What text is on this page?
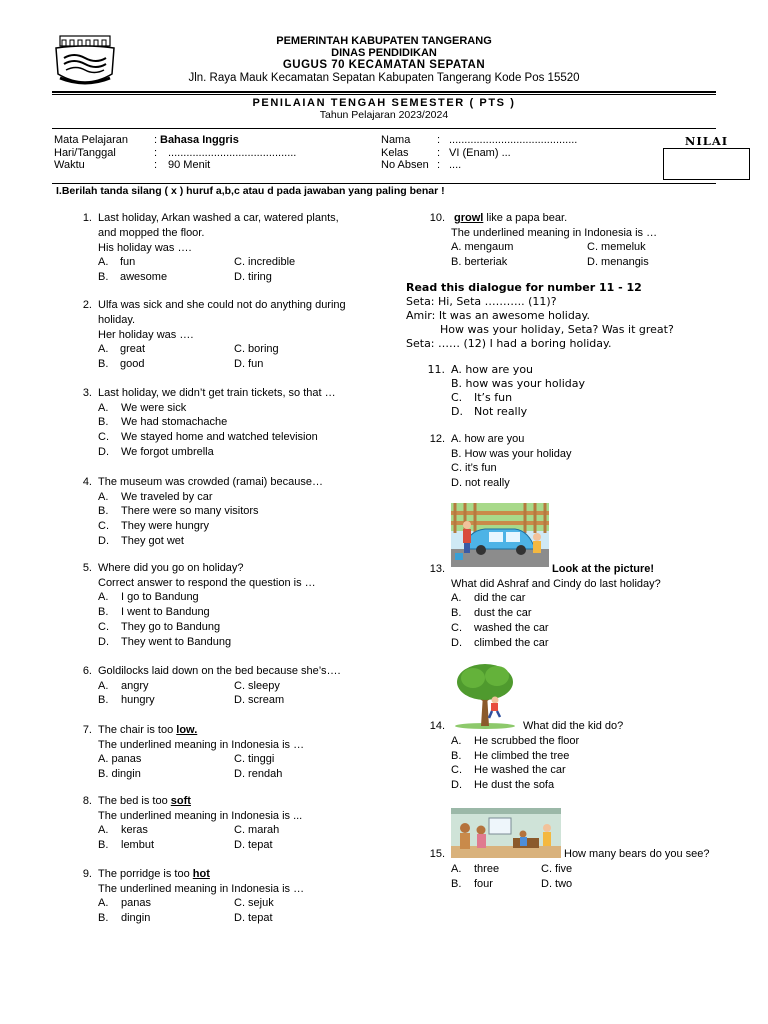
PEMERINTAH KABUPATEN TANGERANG
DINAS PENDIDIKAN
GUGUS 70 KECAMATAN SEPATAN
Jln. Raya Mauk Kecamatan Sepatan Kabupaten Tangerang Kode Pos 15520
PENILAIAN TENGAH SEMESTER ( PTS )
Tahun Pelajaran 2023/2024
Mata Pelajaran	:	Bahasa Inggris
Hari/Tanggal	:	..........................................
Waktu	:	90 Menit
Nama	:	..........................................
Kelas	:	VI (Enam) ...
No Absen	:	....
NILAI
I.Berilah tanda silang ( x ) huruf a,b,c atau d pada jawaban yang paling benar !
1. Last holiday, Arkan washed a car, watered plants,
and mopped the floor.
His holiday was ….
A. fun	C. incredible
B. awesome	D. tiring
2. Ulfa was sick and she could not do anything during
holiday.
Her holiday was ….
A. great	C. boring
B. good	D. fun
3. Last holiday, we didn’t get train tickets, so that …
A. We were sick
B. We had stomachache
C. We stayed home and watched television
D. We forgot umbrella
4. The museum was crowded (ramai) because…
A. We traveled by car
B. There were so many visitors
C. They were hungry
D. They got wet
5. Where did you go on holiday?
Correct answer to respond the question is …
A. I go to Bandung
B. I went to Bandung
C. They go to Bandung
D. They went to Bandung
6. Goldilocks laid down on the bed because she’s….
A. angry	C. sleepy
B. hungry	D. scream
7. The chair is too low.
The underlined meaning in Indonesia is …
A. panas	C. tinggi
B. dingin	D. rendah
8. The bed is too soft
The underlined meaning in Indonesia is ...
A. keras	C. marah
B. lembut	D. tepat
9. The porridge is too hot
The underlined meaning in Indonesia is …
A. panas	C. sejuk
B. dingin	D. tepat
10. growl like a papa bear.
The underlined meaning in Indonesia is …
A. mengaum	C. memeluk
B. berteriak	D. menangis
Read this dialogue for number 11 - 12
Seta: Hi, Seta ……….. (11)?
Amir: It was an awesome holiday.
How was your holiday, Seta? Was it great?
Seta: …… (12) I had a boring holiday.
11. A. how are you
B. how was your holiday
C. It’s fun
D. Not really
12. A. how are you
B. How was your holiday
C. it’s fun
D. not really
13.	Look at the picture!
What did Ashraf and Cindy do last holiday?
A. did the car
B. dust the car
C. washed the car
D. climbed the car
14.	What did the kid do?
A. He scrubbed the floor
B. He climbed the tree
C. He washed the car
D. He dust the sofa
15.	How many bears do you see?
A. three	C. five
B. four	D. two
